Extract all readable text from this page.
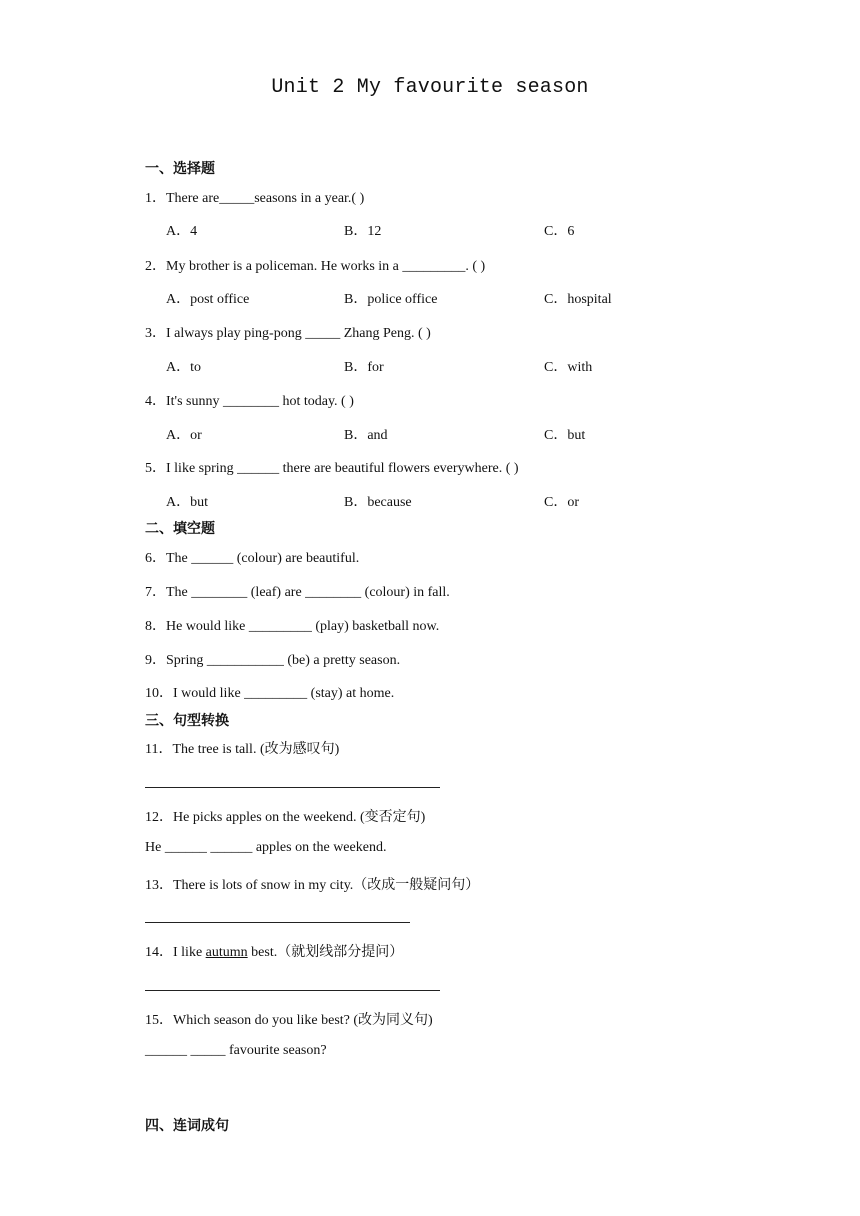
Unit 2 My favourite season
一、选择题
1．There are_____seasons in a year.( )
A．4	B．12	C．6
2．My brother is a policeman. He works in a _________. ( )
A．post office	B．police office	C．hospital
3．I always play ping-pong _____ Zhang Peng. ( )
A．to	B．for	C．with
4．It's sunny ________ hot today. ( )
A．or	B．and	C．but
5．I like spring ______ there are beautiful flowers everywhere. ( )
A．but	B．because	C．or
二、填空题
6．The ______ (colour) are beautiful.
7．The ________ (leaf) are ________ (colour) in fall.
8．He would like _________ (play) basketball now.
9．Spring ___________ (be) a pretty season.
10．I would like _________ (stay) at home.
三、句型转换
11．The tree is tall. (改为感叹句)
12．He picks apples on the weekend. (变否定句)
He ______ ______ apples on the weekend.
13．There is lots of snow in my city.（改成一般疑问句）
14．I like autumn best.（就划线部分提问）
15．Which season do you like best? (改为同义句)
______ _____ favourite season?
四、连词成句
